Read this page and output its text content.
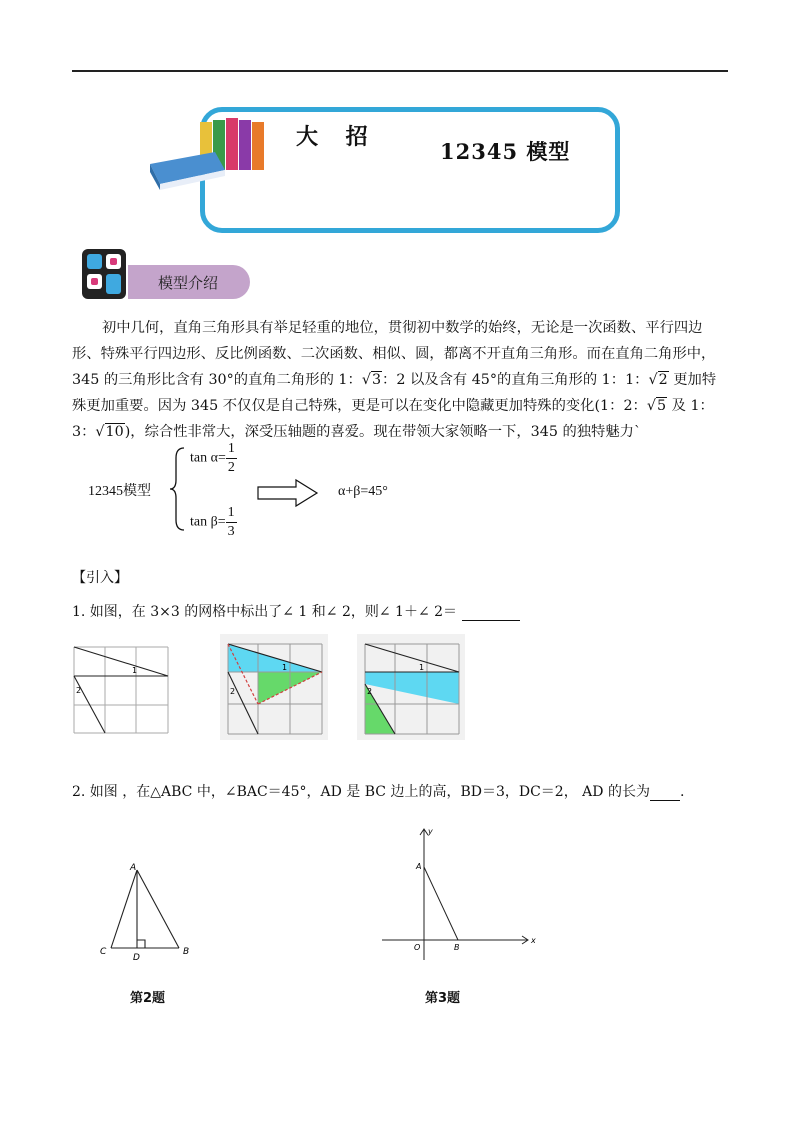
大 招
12345 模型
模型介绍

初中几何，直角三角形具有举足轻重的地位，贯彻初中数学的始终，无论是一次函数、平行四边

形、特殊平行四边形、反比例函数、二次函数、相似、圆，都离不开直角三角形。而在直角二角形中，

345 的三角形比含有 30°的直角二角形的 1：√3：2 以及含有 45°的直角三角形的 1：1：√2 更加特

殊更加重要。因为 345 不仅仅是自己特殊，更是可以在变化中隐藏更加特殊的变化(1：2：√5 及 1：

3：√10)，综合性非常大，深受压轴题的喜爱。现在带领大家领略一下，345 的独特魅力`

12345模型
$\tan \alpha= \frac{1}{2}$
$\tan \beta= \frac{1}{3}$
α+β=45°
【引入】
1. 如图，在 3×3 的网格中标出了∠ 1 和∠ 2，则∠ 1＋∠ 2＝
1
2
1
2
1
2
2. 如图 ，在△ABC 中，∠BAC＝45°，AD 是 BC 边上的高，BD＝3，DC＝2， AD 的长为 .
A
C	B
D
A
O	B
x
y
第2题	第3题
